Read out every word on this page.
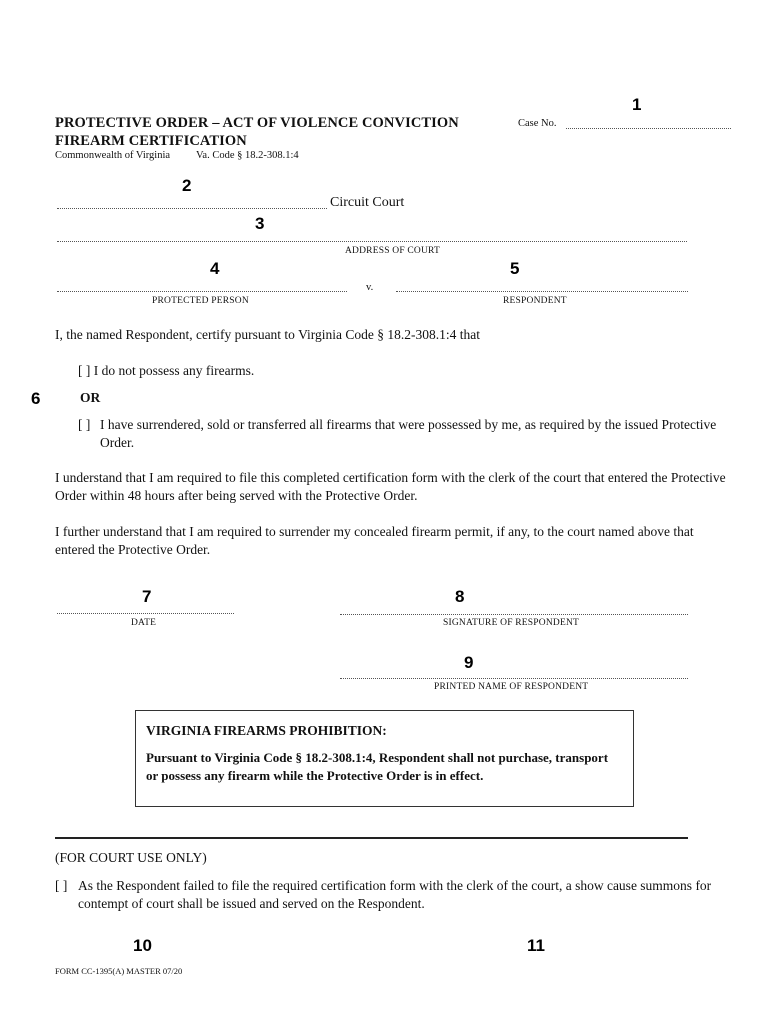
1
2
3
4	5
6
7	8
9
10	11
PROTECTIVE ORDER – ACT OF VIOLENCE CONVICTION
FIREARM CERTIFICATION
Commonwealth of Virginia Va. Code § 18.2-308.1:4
Case No.
Circuit Court
ADDRESS OF COURT
v.
PROTECTED PERSON	RESPONDENT
I, the named Respondent, certify pursuant to Virginia Code § 18.2-308.1:4 that
[ ] I do not possess any firearms.
OR
[ ] I have surrendered, sold or transferred all firearms that were possessed by me, as required by the issued Protective Order.
I understand that I am required to file this completed certification form with the clerk of the court that entered the Protective Order within 48 hours after being served with the Protective Order.
I further understand that I am required to surrender my concealed firearm permit, if any, to the court named above that entered the Protective Order.
DATE	SIGNATURE OF RESPONDENT
PRINTED NAME OF RESPONDENT
VIRGINIA FIREARMS PROHIBITION:
Pursuant to Virginia Code § 18.2-308.1:4, Respondent shall not purchase, transport or possess any firearm while the Protective Order is in effect.
(FOR COURT USE ONLY)
[ ] As the Respondent failed to file the required certification form with the clerk of the court, a show cause summons for contempt of court shall be issued and served on the Respondent.
FORM CC-1395(A) MASTER 07/20
